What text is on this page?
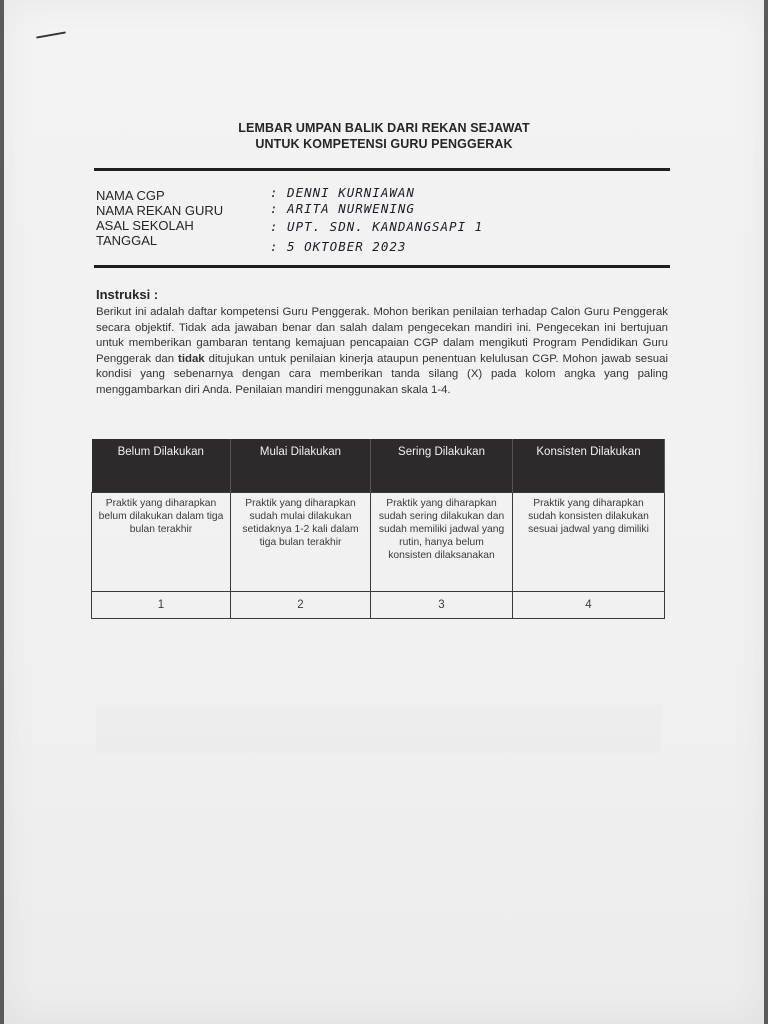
LEMBAR UMPAN BALIK DARI REKAN SEJAWAT
UNTUK KOMPETENSI GURU PENGGERAK
NAMA CGP	: DENNI KURNIAWAN
NAMA REKAN GURU	: ARITA NURWENING
ASAL SEKOLAH	: UPT. SDN. KANDANGSAPI 1
TANGGAL	: 5 OKTOBER 2023
Instruksi :
Berikut ini adalah daftar kompetensi Guru Penggerak. Mohon berikan penilaian terhadap Calon Guru Penggerak secara objektif. Tidak ada jawaban benar dan salah dalam pengecekan mandiri ini. Pengecekan ini bertujuan untuk memberikan gambaran tentang kemajuan pencapaian CGP dalam mengikuti Program Pendidikan Guru Penggerak dan tidak ditujukan untuk penilaian kinerja ataupun penentuan kelulusan CGP. Mohon jawab sesuai kondisi yang sebenarnya dengan cara memberikan tanda silang (X) pada kolom angka yang paling menggambarkan diri Anda. Penilaian mandiri menggunakan skala 1-4.
Belum Dilakukan	Mulai Dilakukan	Sering Dilakukan	Konsisten Dilakukan
Praktik yang diharapkan belum dilakukan dalam tiga bulan terakhir	Praktik yang diharapkan sudah mulai dilakukan setidaknya 1-2 kali dalam tiga bulan terakhir	Praktik yang diharapkan sudah sering dilakukan dan sudah memiliki jadwal yang rutin, hanya belum konsisten dilaksanakan	Praktik yang diharapkan sudah konsisten dilakukan sesuai jadwal yang dimiliki
1	2	3	4
